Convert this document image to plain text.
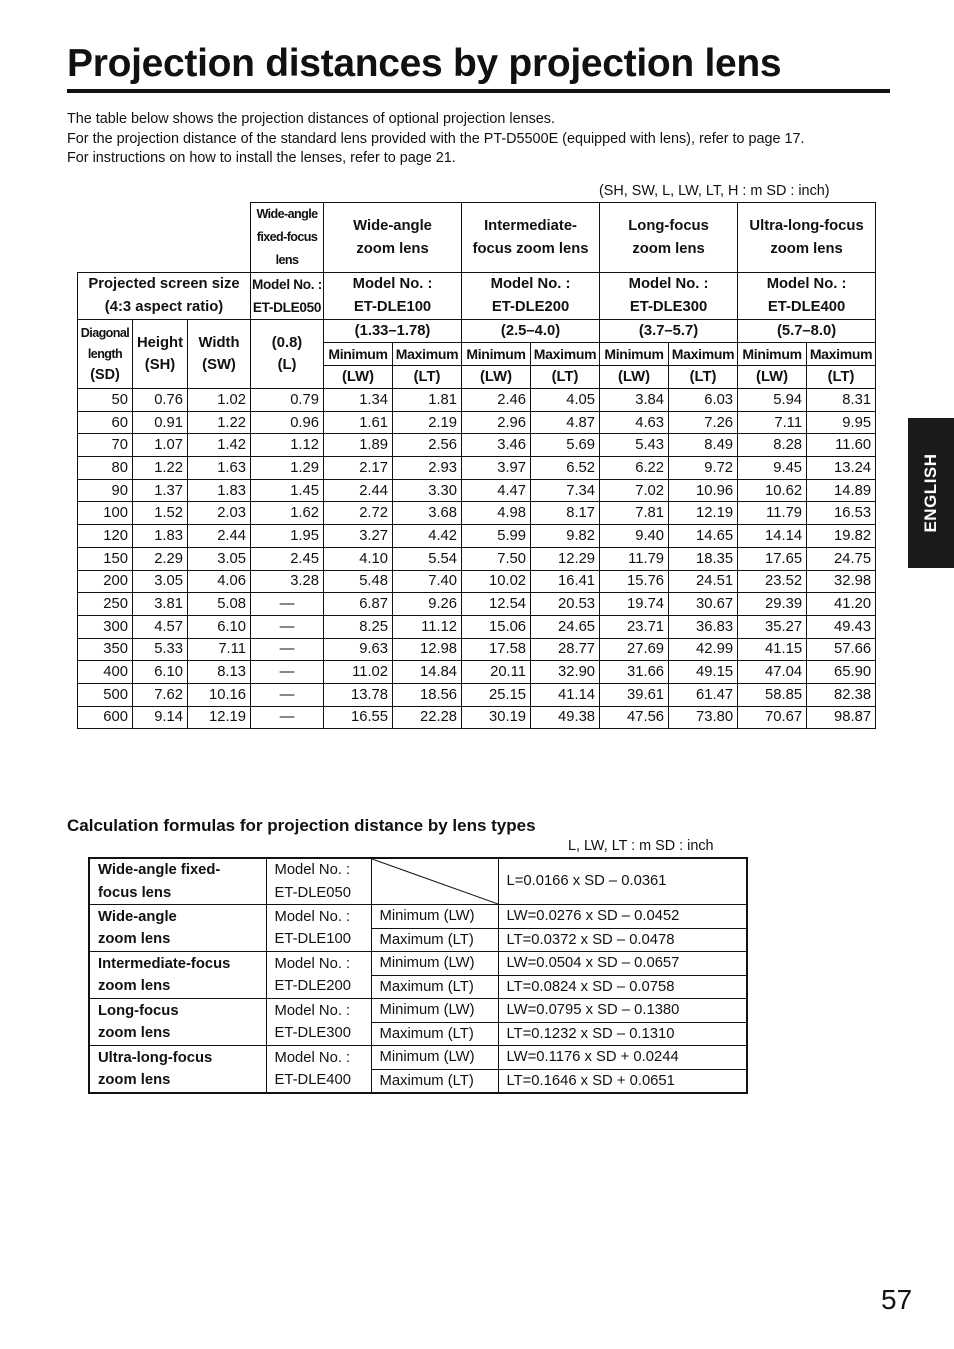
Projection distances by projection lens
The table below shows the projection distances of optional projection lenses.
For the projection distance of the standard lens provided with the PT-D5500E (equipped with lens), refer to page 17.
For instructions on how to install the lenses, refer to page 21.
(SH, SW, L, LW, LT, H : m SD : inch)

			Wide-angle
fixed-focus
lens	Wide-angle
zoom lens		Intermediate-
focus zoom lens		Long-focus
zoom lens		Ultra-long-focus
zoom lens	

Projected screen size
(4:3 aspect ratio)			Model No. :
ET-DLE050	Model No. :
ET-DLE100		Model No. :
ET-DLE200		Model No. :
ET-DLE300		Model No. :
ET-DLE400	

Diagonal
length
(SD)	Height
(SH)	Width
(SW)	(0.8)
(L)	(1.33–1.78)		(2.5–4.0)		(3.7–5.7)		(5.7–8.0)	
				Minimum	Maximum	Minimum	Maximum	Minimum	Maximum	Minimum	Maximum
				(LW)	(LT)	(LW)	(LT)	(LW)	(LT)	(LW)	(LT)
50	0.76	1.02	0.79	1.34	1.81	2.46	4.05	3.84	6.03	5.94	8.31
60	0.91	1.22	0.96	1.61	2.19	2.96	4.87	4.63	7.26	7.11	9.95
70	1.07	1.42	1.12	1.89	2.56	3.46	5.69	5.43	8.49	8.28	11.60
80	1.22	1.63	1.29	2.17	2.93	3.97	6.52	6.22	9.72	9.45	13.24
90	1.37	1.83	1.45	2.44	3.30	4.47	7.34	7.02	10.96	10.62	14.89
100	1.52	2.03	1.62	2.72	3.68	4.98	8.17	7.81	12.19	11.79	16.53
120	1.83	2.44	1.95	3.27	4.42	5.99	9.82	9.40	14.65	14.14	19.82
150	2.29	3.05	2.45	4.10	5.54	7.50	12.29	11.79	18.35	17.65	24.75
200	3.05	4.06	3.28	5.48	7.40	10.02	16.41	15.76	24.51	23.52	32.98
250	3.81	5.08	—	6.87	9.26	12.54	20.53	19.74	30.67	29.39	41.20
300	4.57	6.10	—	8.25	11.12	15.06	24.65	23.71	36.83	35.27	49.43
350	5.33	7.11	—	9.63	12.98	17.58	28.77	27.69	42.99	41.15	57.66
400	6.10	8.13	—	11.02	14.84	20.11	32.90	31.66	49.15	47.04	65.90
500	7.62	10.16	—	13.78	18.56	25.15	41.14	39.61	61.47	58.85	82.38
600	9.14	12.19	—	16.55	22.28	30.19	49.38	47.56	73.80	70.67	98.87
ENGLISH
Calculation formulas for projection distance by lens types
L, LW, LT : m SD : inch
Wide-angle fixed-
focus lens	Model No. :
ET-DLE050		L=0.0166 x SD – 0.0361

Wide-angle
zoom lens	Model No. :
ET-DLE100	Minimum (LW)	LW=0.0276 x SD – 0.0452
		Maximum (LT)	LT=0.0372 x SD – 0.0478

Intermediate-focus
zoom lens	Model No. :
ET-DLE200	Minimum (LW)	LW=0.0504 x SD – 0.0657
		Maximum (LT)	LT=0.0824 x SD – 0.0758

Long-focus
zoom lens	Model No. :
ET-DLE300	Minimum (LW)	LW=0.0795 x SD – 0.1380
		Maximum (LT)	LT=0.1232 x SD – 0.1310

Ultra-long-focus
zoom lens	Model No. :
ET-DLE400	Minimum (LW)	LW=0.1176 x SD + 0.0244
		Maximum (LT)	LT=0.1646 x SD + 0.0651
57
